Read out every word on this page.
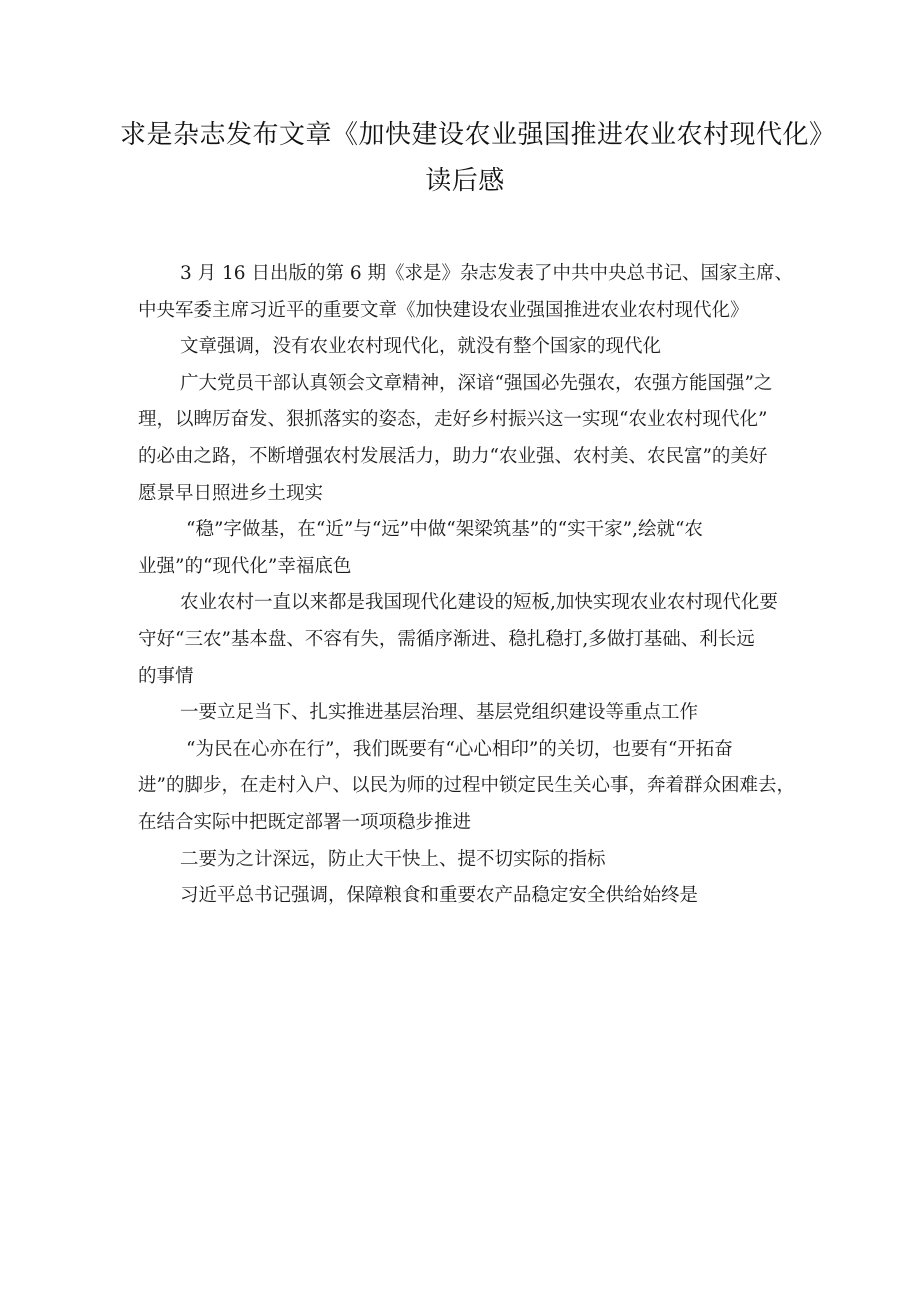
求是杂志发布文章《加快建设农业强国推进农业农村现代化》
读后感
3 月 16 日出版的第 6 期《求是》杂志发表了中共中央总书记、国家主席、
中央军委主席习近平的重要文章《加快建设农业强国推进农业农村现代化》
文章强调，没有农业农村现代化，就没有整个国家的现代化
广大党员干部认真领会文章精神，深谙“强国必先强农，农强方能国强”之
理，以睥厉奋发、狠抓落实的姿态，走好乡村振兴这一实现“农业农村现代化”
的必由之路，不断增强农村发展活力，助力“农业强、农村美、农民富”的美好
愿景早日照进乡土现实
“稳”字做基，在“近”与“远”中做“架梁筑基”的“实干家”,绘就“农
业强”的“现代化”幸福底色
农业农村一直以来都是我国现代化建设的短板,加快实现农业农村现代化要
守好“三农”基本盘、不容有失，需循序渐进、稳扎稳打,多做打基础、利长远
的事情
一要立足当下、扎实推进基层治理、基层党组织建设等重点工作
“为民在心亦在行”，我们既要有“心心相印”的关切，也要有“开拓奋
进”的脚步，在走村入户、以民为师的过程中锁定民生关心事，奔着群众困难去，
在结合实际中把既定部署一项项稳步推进
二要为之计深远，防止大干快上、提不切实际的指标
习近平总书记强调，保障粮食和重要农产品稳定安全供给始终是
